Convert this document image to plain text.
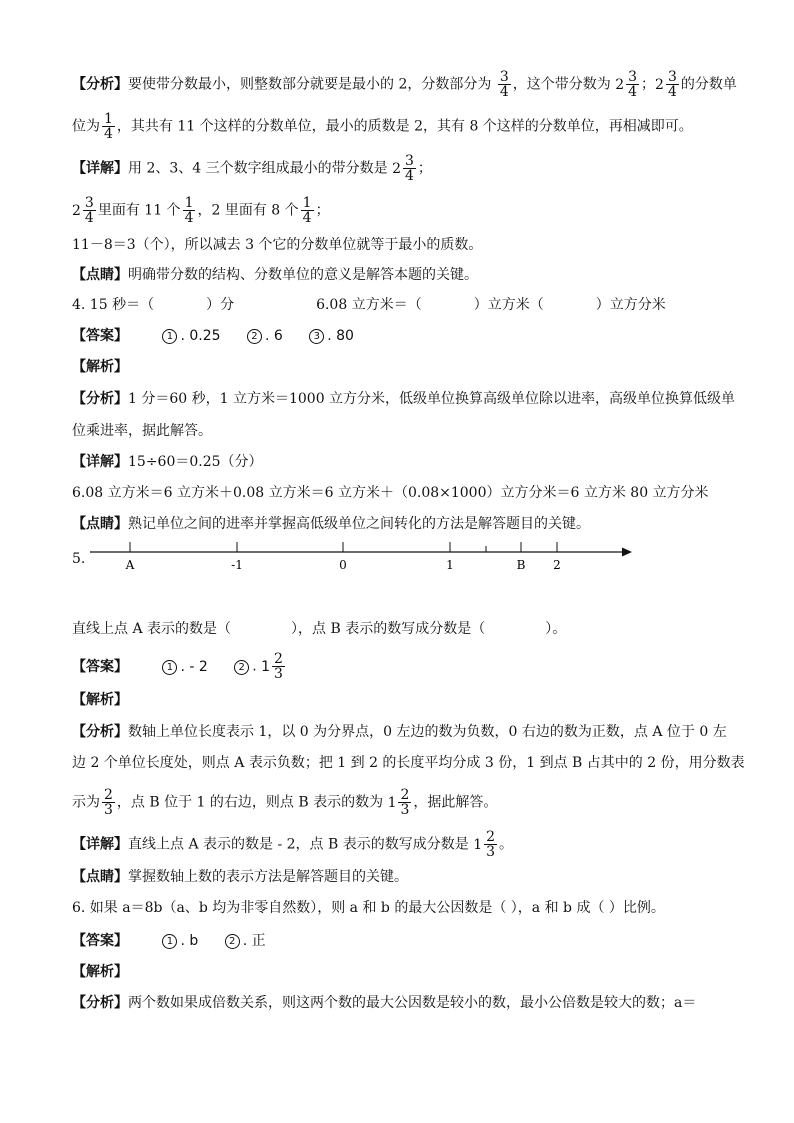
【分析】要使带分数最小，则整数部分就要是最小的 2，分数部分为 $\frac{3}{4}$ ，这个带分数为 $2 \frac{3}{4}$ ； $2 \frac{3}{4}$ 的分数单
位为 $\frac{1}{4}$ ，其共有 11 个这样的分数单位，最小的质数是 2，其有 8 个这样的分数单位，再相减即可。
【详解】用 2、3、4 三个数字组成最小的带分数是 $2 \frac{3}{4}$ ；
$2 \frac{3}{4}$ 里面有 11 个 $\frac{1}{4}$ ，2 里面有 8 个 $\frac{1}{4}$ ；
11－8＝3（个），所以减去 3 个它的分数单位就等于最小的质数。
【点睛】明确带分数的结构、分数单位的意义是解答本题的关键。
4. 15 秒＝（	）分	6.08 立方米＝（	）立方米（	）立方分米
【答案】	1 . 0.25	2 . 6	3 . 80
【解析】
【分析】1 分＝60 秒，1 立方米＝1000 立方分米，低级单位换算高级单位除以进率，高级单位换算低级单
位乘进率，据此解答。
【详解】15÷60＝0.25（分）
6.08 立方米＝6 立方米＋0.08 立方米＝6 立方米＋（0.08×1000）立方分米＝6 立方米 80 立方分米
【点睛】熟记单位之间的进率并掌握高低级单位之间转化的方法是解答题目的关键。
5.	A	-1	0	1	B 2
直线上点 A 表示的数是（	），点 B 表示的数写成分数是（	）。
【答案】	1 . - 2	2 . $1 \frac{2}{3}$
【解析】
【分析】数轴上单位长度表示 1，以 0 为分界点，0 左边的数为负数，0 右边的数为正数，点 A 位于 0 左
边 2 个单位长度处，则点 A 表示负数；把 1 到 2 的长度平均分成 3 份，1 到点 B 占其中的 2 份，用分数表
示为 $\frac{2}{3}$ ，点 B 位于 1 的右边，则点 B 表示的数为 $1 \frac{2}{3}$ ，据此解答。
【详解】直线上点 A 表示的数是 - 2，点 B 表示的数写成分数是 $1 \frac{2}{3}$ 。
【点睛】掌握数轴上数的表示方法是解答题目的关键。
6. 如果 a＝8b（a、b 均为非零自然数），则 a 和 b 的最大公因数是（ ），a 和 b 成（ ）比例。
【答案】	1 . b	2 . 正
【解析】
【分析】两个数如果成倍数关系，则这两个数的最大公因数是较小的数，最小公倍数是较大的数；a＝
